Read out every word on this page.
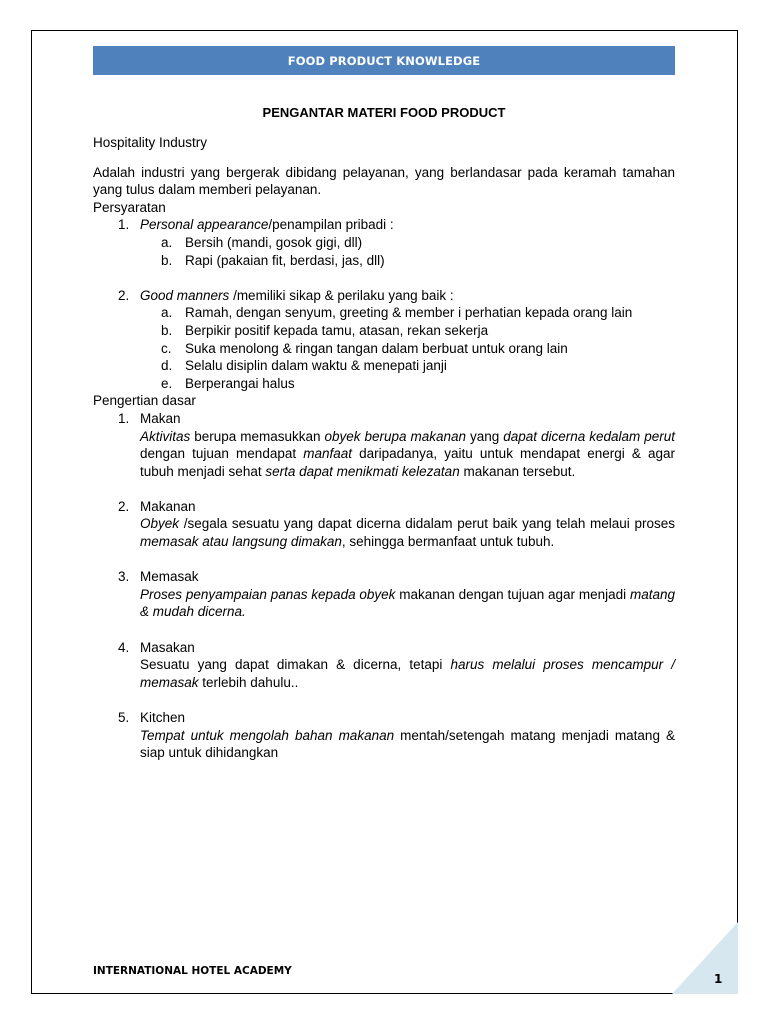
FOOD PRODUCT KNOWLEDGE
PENGANTAR MATERI FOOD PRODUCT

Hospitality Industry

Adalah industri yang bergerak dibidang pelayanan, yang berlandasar pada keramah tamahan yang tulus dalam memberi pelayanan.

Persyaratan

1. Personal appearance/penampilan pribadi :
a. Bersih (mandi, gosok gigi, dll)
b. Rapi (pakaian fit, berdasi, jas, dll)
2. Good manners /memiliki sikap & perilaku yang baik :
a. Ramah, dengan senyum, greeting & member i perhatian kepada orang lain
b. Berpikir positif kepada tamu, atasan, rekan sekerja
c. Suka menolong & ringan tangan dalam berbuat untuk orang lain
d. Selalu disiplin dalam waktu & menepati janji
e. Berperangai halus

Pengertian dasar

1. Makan

Aktivitas berupa memasukkan obyek berupa makanan yang dapat dicerna kedalam perut dengan tujuan mendapat manfaat daripadanya, yaitu untuk mendapat energi & agar tubuh menjadi sehat serta dapat menikmati kelezatan makanan tersebut.

2. Makanan

Obyek /segala sesuatu yang dapat dicerna didalam perut baik yang telah melaui proses memasak atau langsung dimakan, sehingga bermanfaat untuk tubuh.

3. Memasak

Proses penyampaian panas kepada obyek makanan dengan tujuan agar menjadi matang & mudah dicerna.

4. Masakan

Sesuatu yang dapat dimakan & dicerna, tetapi harus melalui proses mencampur / memasak terlebih dahulu..

5. Kitchen

Tempat untuk mengolah bahan makanan mentah/setengah matang menjadi matang & siap untuk dihidangkan

INTERNATIONAL HOTEL ACADEMY
1
